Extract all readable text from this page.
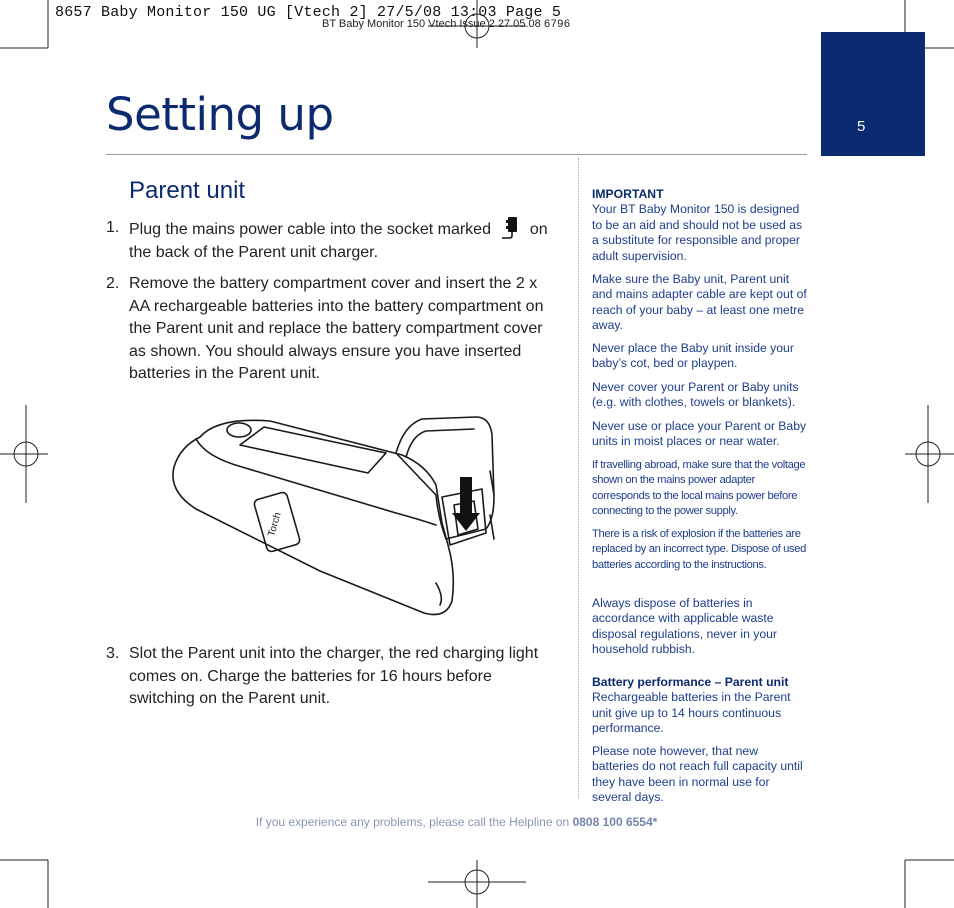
8657 Baby Monitor 150 UG [Vtech 2] 27/5/08 13:03 Page 5
BT Baby Monitor 150 Vtech Issue 2 27.05.08 6796
5
Setting up
Parent unit
1. Plug the mains power cable into the socket marked on the back of the Parent unit charger.
2. Remove the battery compartment cover and insert the 2 x AA rechargeable batteries into the battery compartment on the Parent unit and replace the battery compartment cover as shown. You should always ensure you have inserted batteries in the Parent unit.
Torch
3. Slot the Parent unit into the charger, the red charging light comes on. Charge the batteries for 16 hours before switching on the Parent unit.
IMPORTANT
Your BT Baby Monitor 150 is designed to be an aid and should not be used as a substitute for responsible and proper adult supervision.
Make sure the Baby unit, Parent unit and mains adapter cable are kept out of reach of your baby – at least one metre away.
Never place the Baby unit inside your baby’s cot, bed or playpen.
Never cover your Parent or Baby units (e.g. with clothes, towels or blankets).
Never use or place your Parent or Baby units in moist places or near water.
If travelling abroad, make sure that the voltage shown on the mains power adapter corresponds to the local mains power before connecting to the power supply.
There is a risk of explosion if the batteries are replaced by an incorrect type. Dispose of used batteries according to the instructions.
Always dispose of batteries in accordance with applicable waste disposal regulations, never in your household rubbish.
Battery performance – Parent unit
Rechargeable batteries in the Parent unit give up to 14 hours continuous performance.
Please note however, that new batteries do not reach full capacity until they have been in normal use for several days.
If you experience any problems, please call the Helpline on 0808 100 6554*
